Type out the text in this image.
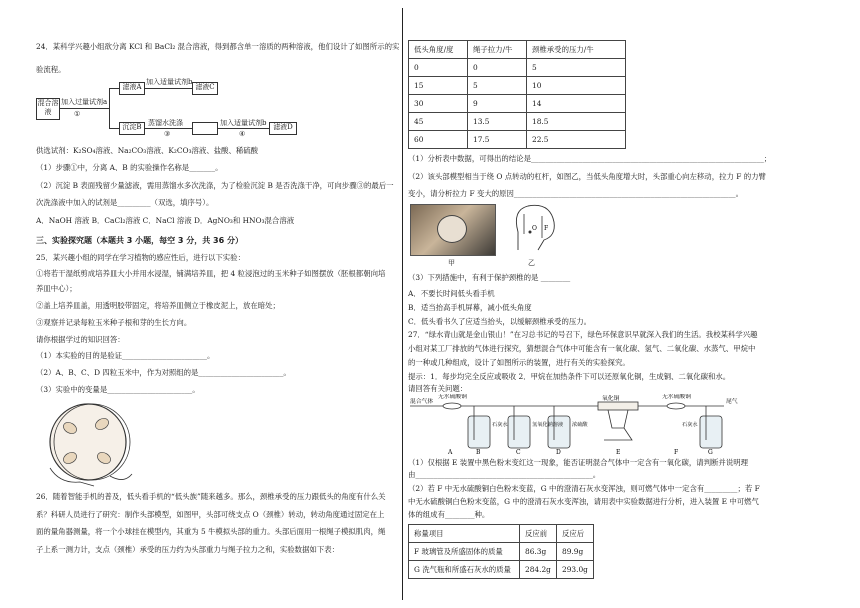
24．某科学兴趣小组欲分离 KCl 和 BaCl₂ 混合溶液，得到都含单一溶质的两种溶液，他们设计了如图所示的实
验流程。
混合溶液
加入过量试剂a
①
滤液A
加入适量试剂b
滤液C
沉淀B 蒸馏水洗涤
③
加入适量试剂b
④
滤液D
供选试剂：K₂SO₄溶液、Na₂CO₃溶液、K₂CO₃溶液、盐酸、稀硫酸
（1）步骤①中，分离 A、B 的实验操作名称是_______。
（2）沉淀 B 表面残留少量滤液，需用蒸馏水多次洗涤，为了检验沉淀 B 是否洗涤干净，可向步骤③的最后一
次洗涤液中加入的试剂是_________（双选，填序号）。
A．NaOH 溶液 B．CaCl₂溶液 C．NaCl 溶液 D．AgNO₃和 HNO₃混合溶液
三、实验探究题（本题共 3 小题，每空 3 分，共 36 分）
25．某兴趣小组的同学在学习植物的感应性后，进行以下实验：
①将若干湿纸剪成培养皿大小并用水浸湿，铺满培养皿，把 4 粒浸泡过的玉米种子如图摆放（胚根都朝向培
养皿中心）；
②盖上培养皿盖，用透明胶带固定，将培养皿侧立于橡皮泥上，放在暗处；
③观察并记录每粒玉米种子根和芽的生长方向。
请你根据学过的知识回答：
（1）本实验的目的是验证_______________________。
（2）A、B、C、D 四粒玉米中，作为对照组的是_______________________。
（3）实验中的变量是_______________________。
26．随着智能手机的普及，低头看手机的“低头族”随来越多。那么，颈椎承受的压力跟低头的角度有什么关
系？科研人员进行了研究：制作头部模型，如图甲，头部可绕支点 O（颈椎）转动，转动角度通过固定在上
面的量角器测量，将一个小球挂在模型内，其重为 5 牛模拟头部的重力。头部后面用一根绳子模拟肌肉，绳
子上系一测力计，支点（颈椎）承受的压力约为头部重力与绳子拉力之和，实验数据如下表：
低头角度/度	绳子拉力/牛	颈椎承受的压力/牛
0	0	5
15	5	10
30	9	14
45	13.5	18.5
60	17.5	22.5
（1）分析表中数据，可得出的结论是_______________________________________________________________；
（2）该头部模型相当于绕 O 点转动的杠杆，如图乙，当低头角度增大时，头部重心向左移动，拉力 F 的力臂
变小，请分析拉力 F 变大的原因____________________________________________________________。
甲
O F
乙
（3）下列措施中，有利于保护颈椎的是 ________
A．不要长时间低头看手机
B．适当抬高手机屏幕，减小低头角度
C．低头看书久了应适当抬头，以缓解颈椎承受的压力。
27．“绿水青山就是金山银山！”在习总书记的号召下，绿色环保意识早就深入我们的生活。我校某科学兴趣
小组对某工厂排放的气体进行探究，猜想混合气体中可能含有一氧化碳、氢气、二氧化碳、水蒸气、甲烷中
的一种或几种组成，设计了如图所示的装置，进行有关的实验探究。
提示：1．每步均完全反应或吸收 2．甲烷在加热条件下可以还原氧化铜，生成铜、二氧化碳和水。
请回答有关问题：
无水硫酸铜	无水硫酸铜
氧化铜
混合气体	尾气
石灰水	氢氧化钠溶液 浓硫酸	石灰水
A	B	C	D	E	F	G
（1）仅根据 E 装置中黑色粉末变红这一现象，能否证明混合气体中一定含有一氧化碳，请判断并说明理
由________________________________________________。
（2）若 F 中无水硫酸铜白色粉末变蓝，G 中的澄清石灰水变浑浊，则可燃气体中一定含有_________；若 F
中无水硫酸铜白色粉末变蓝，G 中的澄清石灰水变浑浊，请用表中实验数据进行分析，进入装置 E 中可燃气
体的组成有________种。
称量项目	反应前	反应后
F 玻璃管及所盛固体的质量	86.3g	89.9g
G 洗气瓶和所盛石灰水的质量	284.2g	293.0g
